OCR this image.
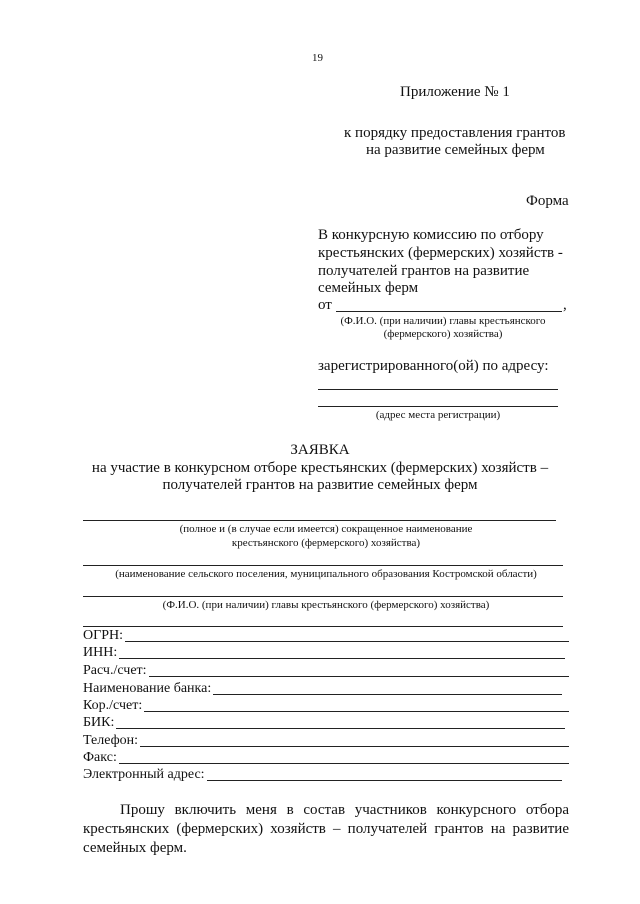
19
Приложение № 1
к порядку предоставления грантов
на развитие семейных ферм
Форма
В конкурсную комиссию по отбору
крестьянских (фермерских) хозяйств -
получателей грантов на развитие
семейных ферм
от	,
(Ф.И.О. (при наличии) главы крестьянского
(фермерского) хозяйства)
зарегистрированного(ой) по адресу:
(адрес места регистрации)
ЗАЯВКА
на участие в конкурсном отборе крестьянских (фермерских) хозяйств –
получателей грантов на развитие семейных ферм
(полное и (в случае если имеется) сокращенное наименование
крестьянского (фермерского) хозяйства)
(наименование сельского поселения, муниципального образования Костромской области)
(Ф.И.О. (при наличии) главы крестьянского (фермерского) хозяйства)
ОГРН:
ИНН:
Расч./счет:
Наименование банка:
Кор./счет:
БИК:
Телефон:
Факс:
Электронный адрес:
Прошу включить меня в состав участников конкурсного отбора крестьянских (фермерских) хозяйств – получателей грантов на развитие семейных ферм.
